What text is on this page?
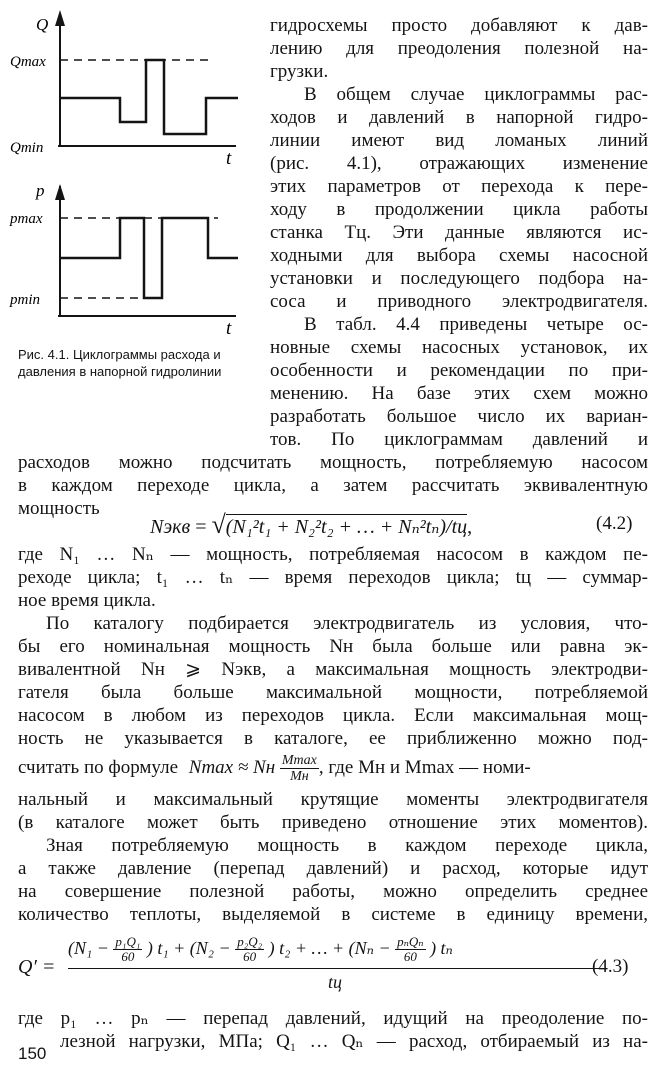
Q
Qmax
Qmin	t
p
pmax
pmin
t
Рис. 4.1. Циклограммы расхода и давления в напорной гидролинии
гидросхемы просто добавляют к дав-
лению для преодоления полезной на-
грузки.
В общем случае циклограммы рас-
ходов и давлений в напорной гидро-
линии имеют вид ломаных линий
(рис. 4.1), отражающих изменение
этих параметров от перехода к пере-
ходу в продолжении цикла работы
станка Tц. Эти данные являются ис-
ходными для выбора схемы насосной
установки и последующего подбора на-
соса и приводного электродвигателя.
В табл. 4.4 приведены четыре ос-
новные схемы насосных установок, их
особенности и рекомендации по при-
менению. На базе этих схем можно
разработать большое число их вариан-
тов. По циклограммам давлений и
расходов можно подсчитать мощность, потребляемую насосом
в каждом переходе цикла, а затем рассчитать эквивалентную
мощность
Nэкв = √(N₁²t₁ + N₂²t₂ + … + Nₙ²tₙ)/tц,	(4.2)
где N₁ … Nₙ — мощность, потребляемая насосом в каждом пе-
реходе цикла; t₁ … tₙ — время переходов цикла; tц — суммар-
ное время цикла.
По каталогу подбирается электродвигатель из условия, что-
бы его номинальная мощность Nн была больше или равна эк-
вивалентной Nн ⩾ Nэкв, а максимальная мощность электродви-
гателя была больше максимальной мощности, потребляемой
насосом в любом из переходов цикла. Если максимальная мощ-
ность не указывается в каталоге, ее приближенно можно под-
считать по формуле Nmax ≈ Nн $\frac{Mmax}{Mн}$ , где Mн и Mmax — номи-
нальный и максимальный крутящие моменты электродвигателя
(в каталоге может быть приведено отношение этих моментов).
Зная потребляемую мощность в каждом переходе цикла,
а также давление (перепад давлений) и расход, которые идут
на совершение полезной работы, можно определить среднее
количество теплоты, выделяемой в системе в единицу времени,
Q′ =
($N_1 - \frac{\text{p₁Q₁}}{60}$ ) $t_1 + (N_2 - \frac{\text{p₂Q₂}}{60}$ ) t₂ + … + ($N_n - \frac{\text{pₙQₙ}}{60}$ ) tₙ
tц
(4.3)
где p₁ … pₙ — перепад давлений, идущий на преодоление по-
лезной нагрузки, МПа; Q₁ … Qₙ — расход, отбираемый из на-
150
